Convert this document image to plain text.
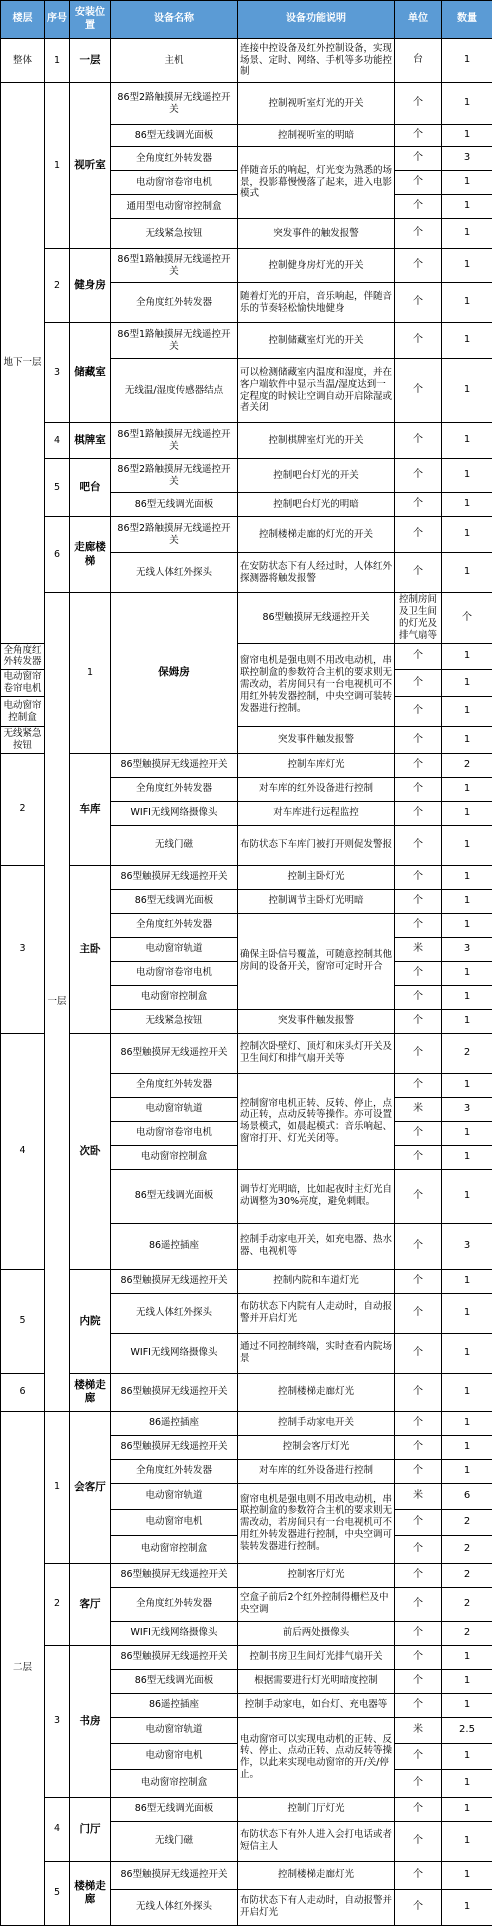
楼层	序号	安装位置	设备名称	设备功能说明	单位	数量	
整体	1	一层	主机	连接中控设备及红外控制设备，实现场景、定时、网络、手机等多功能控制	台	1	
地下一层	1	视听室	86型2路触摸屏无线遥控开关	控制视听室灯光的开关	个	1	
			86型无线调光面板	控制视听室的明暗	个	1	
			全角度红外转发器	伴随音乐的响起，灯光变为熟悉的场景，投影幕慢慢落了起来，进入电影模式	个	3	
			电动窗帘卷帘电机		个	1	
			通用型电动窗帘控制盒		个	1	
			无线紧急按钮	突发事件的触发报警	个	1	
	2	健身房	86型1路触摸屏无线遥控开关	控制健身房灯光的开关	个	1	
			全角度红外转发器	随着灯光的开启，音乐响起，伴随音乐的节奏轻松愉快地健身	个	1	
	3	储藏室	86型1路触摸屏无线遥控开关	控制储藏室灯光的开关	个	1	
			无线温/湿度传感器结点	可以检测储藏室内温度和湿度，并在客户端软件中显示当温/湿度达到一定程度的时候让空调自动开启除湿或者关闭	个	1	
	4	棋牌室	86型1路触摸屏无线遥控开关	控制棋牌室灯光的开关	个	1	
	5	吧台	86型2路触摸屏无线遥控开关	控制吧台灯光的开关	个	1	
			86型无线调光面板	控制吧台灯光的明暗	个	1	
	6	走廊楼梯	86型2路触摸屏无线遥控开关	控制楼梯走廊的灯光的开关	个	1	
			无线人体红外探头	在安防状态下有人经过时，人体红外探测器将触发报警	个	1	
	一层	1	保姆房	86型触摸屏无线遥控开关	控制房间及卫生间的灯光及排气扇等	个	
全角度红外转发器				窗帘电机是强电则不用改电动机，串联控制盒的参数符合主机的要求则无需改动，若房间只有一台电视机可不用红外转发器控制，中央空调可装转发器进行控制。	个	1	
电动窗帘卷帘电机					个	1	
电动窗帘控制盒					个	1	
无线紧急按钮				突发事件触发报警	个	1	
2		车库	86型触摸屏无线遥控开关	控制车库灯光	个	2	
			全角度红外转发器	对车库的红外设备进行控制	个	1	
			WIFI无线网络摄像头	对车库进行远程监控	个	1	
			无线门磁	布防状态下车库门被打开则促发警报	个	1	
3		主卧	86型触摸屏无线遥控开关	控制主卧灯光	个	1	
			86型无线调光面板	控制调节主卧灯光明暗	个	1	
			全角度红外转发器	确保主卧信号覆盖，可随意控制其他房间的设备开关，窗帘可定时开合	个	1	
			电动窗帘轨道		米	3	
			电动窗帘卷帘电机		个	1	
			电动窗帘控制盒		个	1	
			无线紧急按钮	突发事件触发报警	个	1	
4		次卧	86型触摸屏无线遥控开关	控制次卧壁灯、顶灯和床头灯开关及卫生间灯和排气扇开关等	个	2	
			全角度红外转发器	控制窗帘电机正转、反转、停止，点动正转，点动反转等操作。亦可设置场景模式，如晨起模式：音乐响起、窗帘打开、灯光关闭等。	个	1	
			电动窗帘轨道		米	3	
			电动窗帘卷帘电机		个	1	
			电动窗帘控制盒		个	1	
			86型无线调光面板	调节灯光明暗，比如起夜时主灯光自动调整为30%亮度，避免刺眼。	个	1	
			86遥控插座	控制手动家电开关，如充电器、热水器、电视机等	个	3	
5		内院	86型触摸屏无线遥控开关	控制内院和车道灯光	个	1	
			无线人体红外探头	布防状态下内院有人走动时，自动报警并开启灯光	个	1	
			WIFI无线网络摄像头	通过不同控制终端，实时查看内院场景	个	1	
6		楼梯走廊	86型触摸屏无线遥控开关	控制楼梯走廊灯光	个	1	
二层	1	会客厅	86遥控插座	控制手动家电开关	个	1	
			86型触摸屏无线遥控开关	控制会客厅灯光	个	1	
			全角度红外转发器	对车库的红外设备进行控制	个	1	
			电动窗帘轨道	窗帘电机是强电则不用改电动机，串联控制盒的参数符合主机的要求则无需改动，若房间只有一台电视机可不用红外转发器进行控制，中央空调可装转发器进行控制。	米	6	
			电动窗帘电机		个	2	
			电动窗帘控制盒		个	2	
	2	客厅	86型触摸屏无线遥控开关	控制客厅灯光	个	2	
			全角度红外转发器	空盒子前后2个红外控制得栅栏及中央空调	个	2	
			WIFI无线网络摄像头	前后两处摄像头	个	2	
	3	书房	86型触摸屏无线遥控开关	控制书房卫生间灯光排气扇开关	个	1	
			86型无线调光面板	根据需要进行灯光明暗度控制	个	1	
			86遥控插座	控制手动家电，如台灯、充电器等	个	1	
			电动窗帘轨道	电动窗帘可以实现电动机的正转、反转、停止、点动正转、点动反转等操作，以此来实现电动窗帘的开/关/停止。	米	2.5	
			电动窗帘电机		个	1	
			电动窗帘控制盒		个	1	
	4	门厅	86型无线调光面板	控制门厅灯光	个	1	
			无线门磁	布防状态下有外人进入会打电话或者短信主人	个	1	
	5	楼梯走廊	86型触摸屏无线遥控开关	控制楼梯走廊灯光	个	1	
			无线人体红外探头	布防状态下有人走动时，自动报警并开启灯光	个	1	
